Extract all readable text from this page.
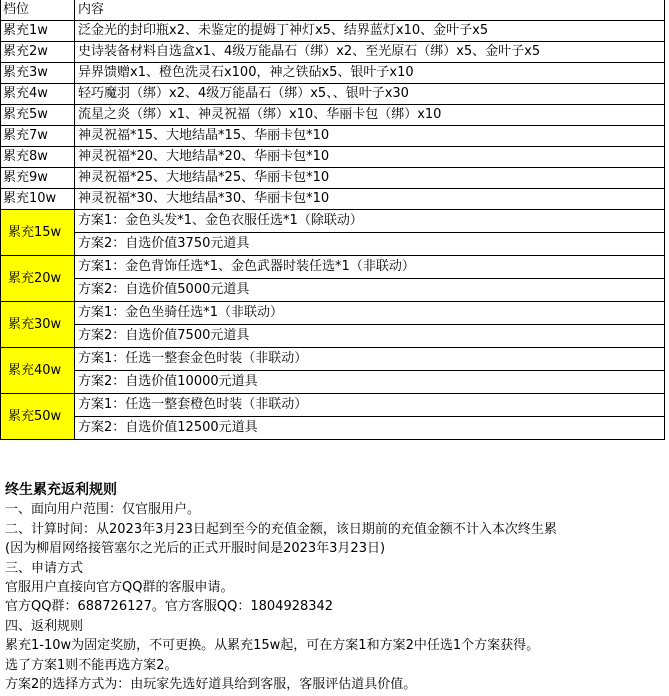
档位	内容
累充1w	泛金光的封印瓶x2、未鉴定的提姆丁神灯x5、结界蓝灯x10、金叶子x5
累充2w	史诗装备材料自选盒x1、4级万能晶石（绑）x2、至光原石（绑）x5、金叶子x5
累充3w	异界馈赠x1、橙色洗灵石x100，神之铁砧x5、银叶子x10
累充4w	轻巧魔羽（绑）x2、4级万能晶石（绑）x5、、银叶子x30
累充5w	流星之炎（绑）x1、神灵祝福（绑）x10、华丽卡包（绑）x10
累充7w	神灵祝福*15、大地结晶*15、华丽卡包*10
累充8w	神灵祝福*20、大地结晶*20、华丽卡包*10
累充9w	神灵祝福*25、大地结晶*25、华丽卡包*10
累充10w	神灵祝福*30、大地结晶*30、华丽卡包*10
累充15w	方案1：金色头发*1、金色衣服任选*1（除联动）
	方案2：自选价值3750元道具
累充20w	方案1：金色背饰任选*1、金色武器时装任选*1（非联动）
	方案2：自选价值5000元道具
累充30w	方案1：金色坐骑任选*1（非联动）
	方案2：自选价值7500元道具
累充40w	方案1：任选一整套金色时装（非联动）
	方案2：自选价值10000元道具
累充50w	方案1：任选一整套橙色时装（非联动）
	方案2：自选价值12500元道具
终生累充返利规则
一、面向用户范围：仅官服用户。
二、计算时间：从2023年3月23日起到至今的充值金额，该日期前的充值金额不计入本次终生累
(因为柳眉网络接管塞尔之光后的正式开服时间是2023年3月23日)
三、申请方式
官服用户直接向官方QQ群的客服申请。
官方QQ群：688726127。官方客服QQ：1804928342
四、返利规则
累充1-10w为固定奖励，不可更换。从累充15w起，可在方案1和方案2中任选1个方案获得。
选了方案1则不能再选方案2。
方案2的选择方式为：由玩家先选好道具给到客服，客服评估道具价值。
